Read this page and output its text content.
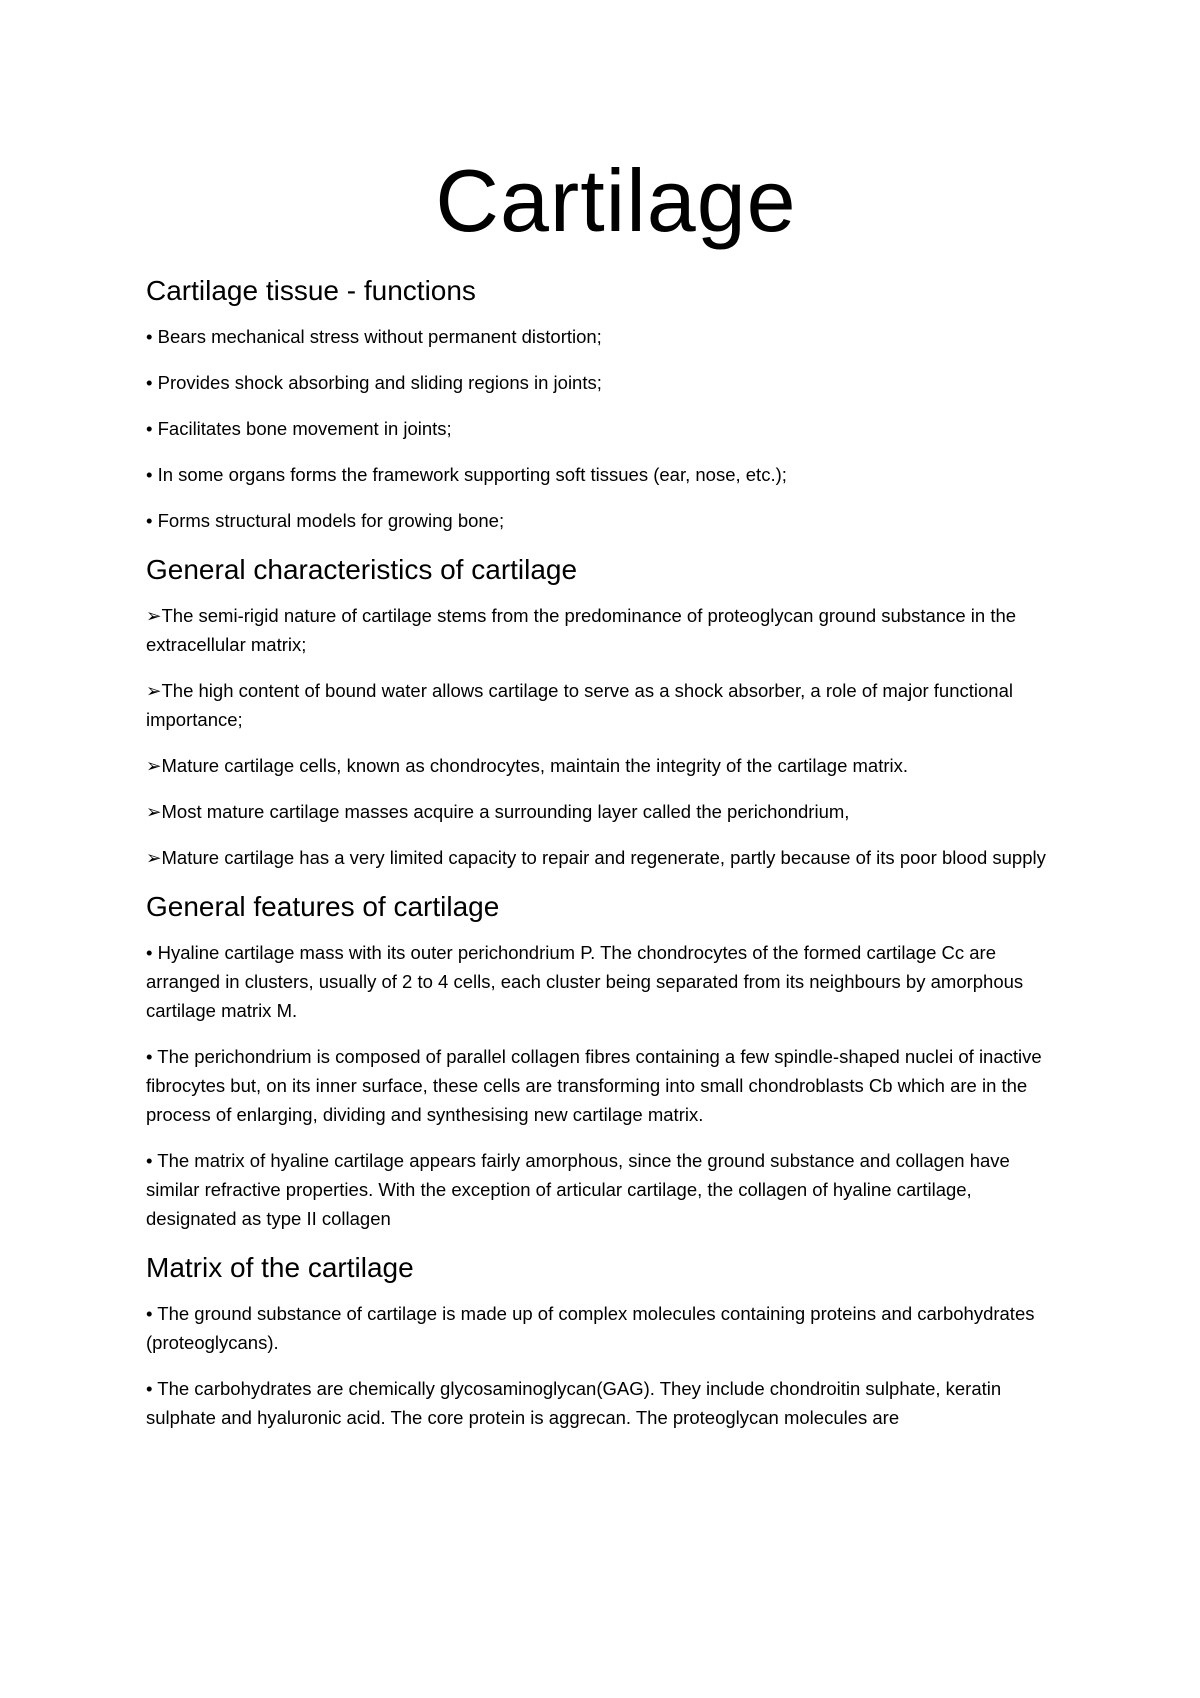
Cartilage
Cartilage tissue - functions

• Bears mechanical stress without permanent distortion;

• Provides shock absorbing and sliding regions in joints;

• Facilitates bone movement in joints;

• In some organs forms the framework supporting soft tissues (ear, nose, etc.);

• Forms structural models for growing bone;

General characteristics of cartilage

➢The semi-rigid nature of cartilage stems from the predominance of proteoglycan ground substance in the extracellular matrix;

➢The high content of bound water allows cartilage to serve as a shock absorber, a role of major functional importance;

➢Mature cartilage cells, known as chondrocytes, maintain the integrity of the cartilage matrix.

➢Most mature cartilage masses acquire a surrounding layer called the perichondrium,

➢Mature cartilage has a very limited capacity to repair and regenerate, partly because of its poor blood supply

General features of cartilage

• Hyaline cartilage mass with its outer perichondrium P. The chondrocytes of the formed cartilage Cc are arranged in clusters, usually of 2 to 4 cells, each cluster being separated from its neighbours by amorphous cartilage matrix M.

• The perichondrium is composed of parallel collagen fibres containing a few spindle-shaped nuclei of inactive fibrocytes but, on its inner surface, these cells are transforming into small chondroblasts Cb which are in the process of enlarging, dividing and synthesising new cartilage matrix.

• The matrix of hyaline cartilage appears fairly amorphous, since the ground substance and collagen have similar refractive properties. With the exception of articular cartilage, the collagen of hyaline cartilage, designated as type II collagen

Matrix of the cartilage

• The ground substance of cartilage is made up of complex molecules containing proteins and carbohydrates (proteoglycans).

• The carbohydrates are chemically glycosaminoglycan(GAG). They include chondroitin sulphate, keratin sulphate and hyaluronic acid. The core protein is aggrecan. The proteoglycan molecules are
